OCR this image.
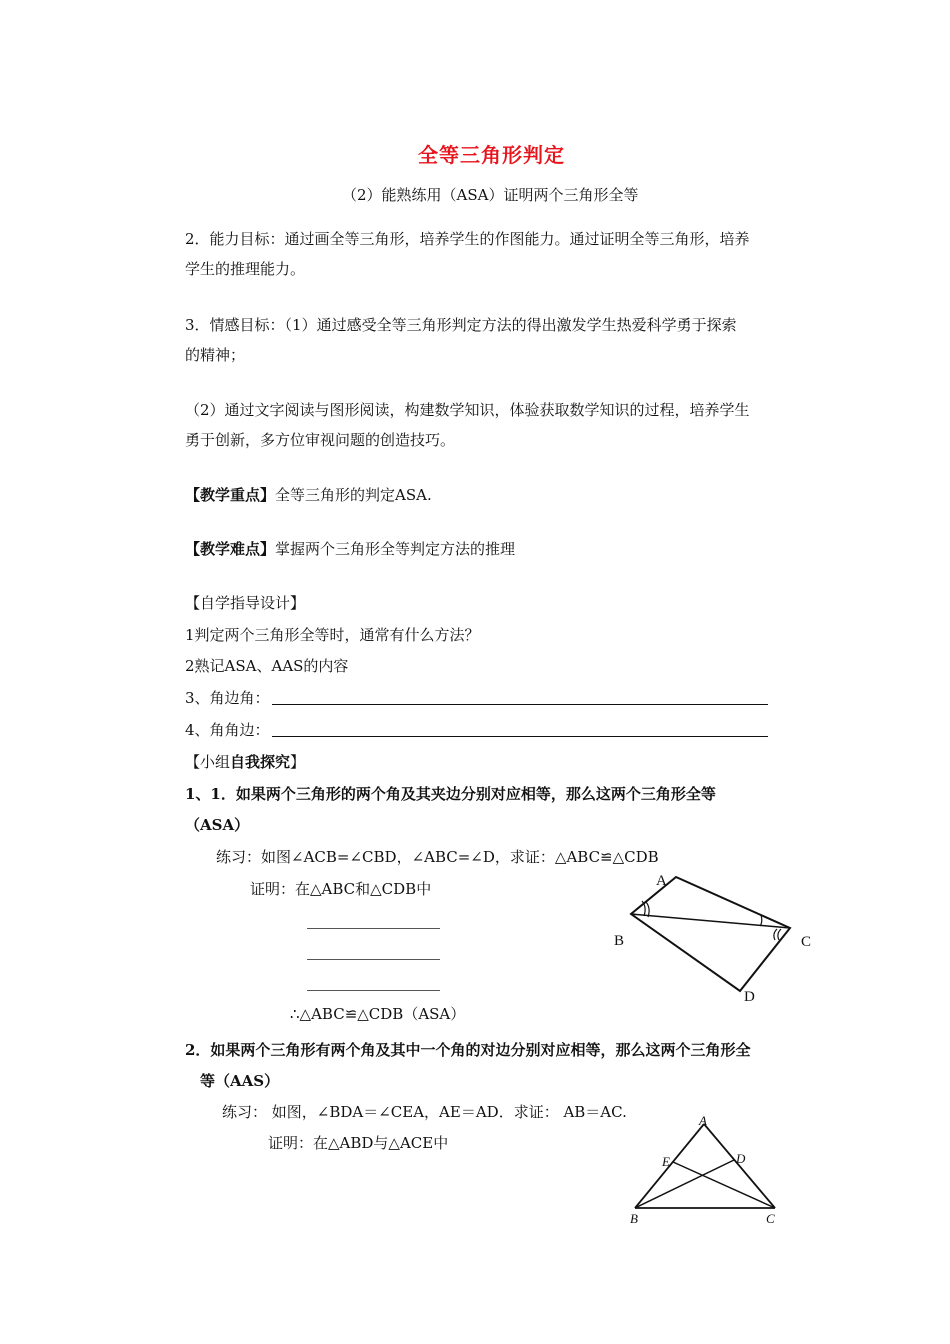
全等三角形判定
（2）能熟练用（ASA）证明两个三角形全等
2．能力目标：通过画全等三角形，培养学生的作图能力。通过证明全等三角形，培养
学生的推理能力。
3．情感目标：（1）通过感受全等三角形判定方法的得出激发学生热爱科学勇于探索
的精神；
（2）通过文字阅读与图形阅读，构建数学知识，体验获取数学知识的过程，培养学生
勇于创新，多方位审视问题的创造技巧。
【教学重点】全等三角形的判定ASA.
【教学难点】掌握两个三角形全等判定方法的推理
【自学指导设计】
1判定两个三角形全等时，通常有什么方法？
2熟记ASA、AAS的内容
3、角边角：
4、角角边：
【小组自我探究】
1、1．如果两个三角形的两个角及其夹边分别对应相等，那么这两个三角形全等
（ASA）
练习：如图∠ACB=∠CBD，∠ABC=∠D，求证：△ABC≌△CDB
证明：在△ABC和△CDB中
∴△ABC≌△CDB（ASA）
A
B	C
D
2．如果两个三角形有两个角及其中一个角的对边分别对应相等，那么这两个三角形全
等（AAS）
练习： 如图，∠BDA＝∠CEA，AE＝AD．求证： AB＝AC.
证明：在△ABD与△ACE中
A
E	D
B	C
